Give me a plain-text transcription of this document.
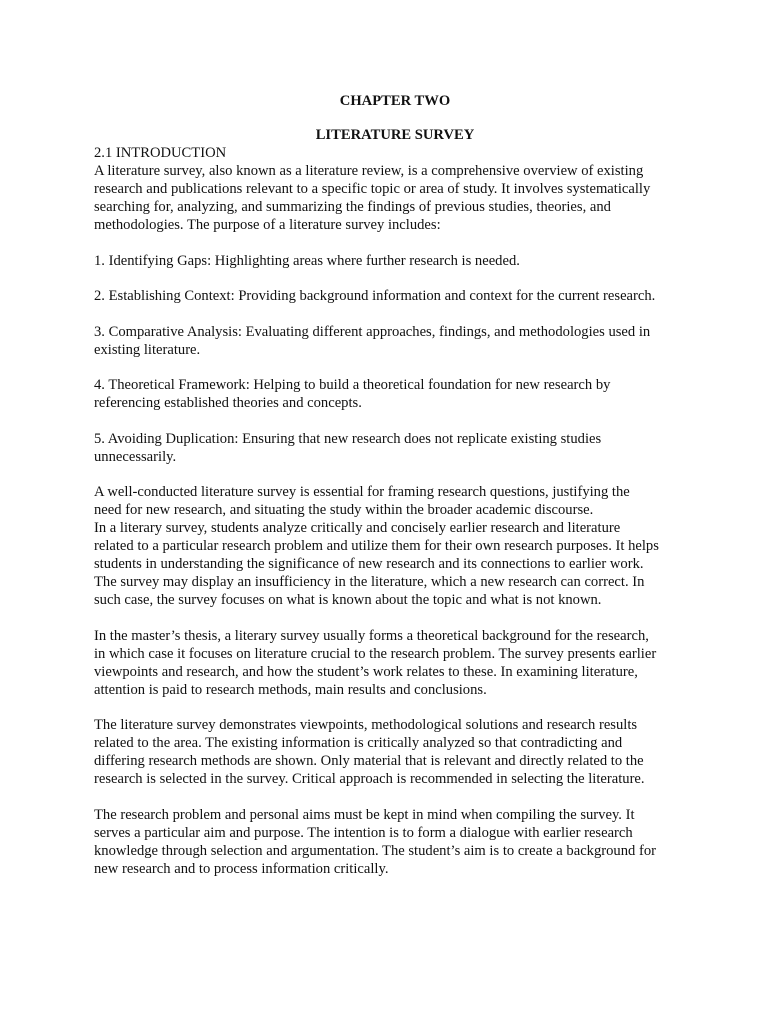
CHAPTER TWO

LITERATURE SURVEY

2.1 INTRODUCTION

A literature survey, also known as a literature review, is a comprehensive overview of existing
research and publications relevant to a specific topic or area of study. It involves systematically
searching for, analyzing, and summarizing the findings of previous studies, theories, and
methodologies. The purpose of a literature survey includes:

1. Identifying Gaps: Highlighting areas where further research is needed.

2. Establishing Context: Providing background information and context for the current research.

3. Comparative Analysis: Evaluating different approaches, findings, and methodologies used in
existing literature.

4. Theoretical Framework: Helping to build a theoretical foundation for new research by
referencing established theories and concepts.

5. Avoiding Duplication: Ensuring that new research does not replicate existing studies
unnecessarily.

A well-conducted literature survey is essential for framing research questions, justifying the
need for new research, and situating the study within the broader academic discourse.
In a literary survey, students analyze critically and concisely earlier research and literature
related to a particular research problem and utilize them for their own research purposes. It helps
students in understanding the significance of new research and its connections to earlier work.
The survey may display an insufficiency in the literature, which a new research can correct. In
such case, the survey focuses on what is known about the topic and what is not known.

In the master’s thesis, a literary survey usually forms a theoretical background for the research,
in which case it focuses on literature crucial to the research problem. The survey presents earlier
viewpoints and research, and how the student’s work relates to these. In examining literature,
attention is paid to research methods, main results and conclusions.

The literature survey demonstrates viewpoints, methodological solutions and research results
related to the area. The existing information is critically analyzed so that contradicting and
differing research methods are shown. Only material that is relevant and directly related to the
research is selected in the survey. Critical approach is recommended in selecting the literature.

The research problem and personal aims must be kept in mind when compiling the survey. It
serves a particular aim and purpose. The intention is to form a dialogue with earlier research
knowledge through selection and argumentation. The student’s aim is to create a background for
new research and to process information critically.
